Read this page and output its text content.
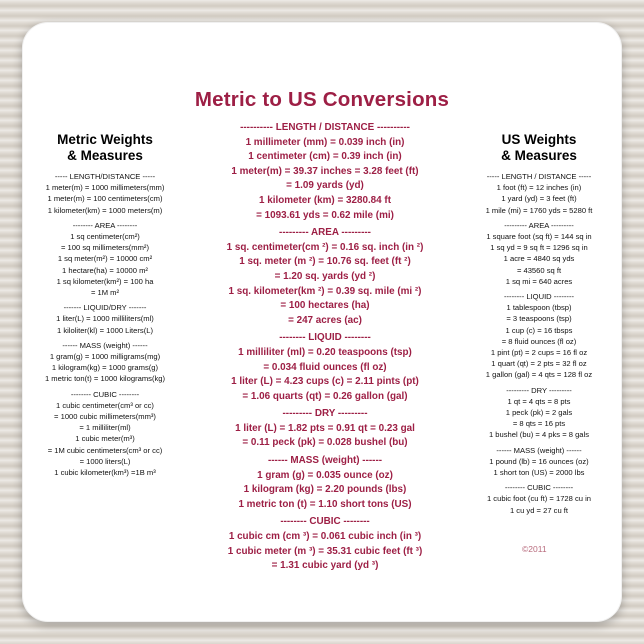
Metric to US Conversions
Metric Weights
& Measures
----- LENGTH/DISTANCE -----
1 meter(m) = 1000 millimeters(mm)
1 meter(m) = 100 centimeters(cm)
1 kilometer(km) = 1000 meters(m)
-------- AREA --------
1 sq centimeter(cm²)
= 100 sq millimeters(mm²)
1 sq meter(m²) = 10000 cm²
1 hectare(ha) = 10000 m²
1 sq kilometer(km²) = 100 ha
= 1M m²
------- LIQUID/DRY -------
1 liter(L) = 1000 milliliters(ml)
1 kiloliter(kl) = 1000 Liters(L)
------ MASS (weight) ------
1 gram(g) = 1000 milligrams(mg)
1 kilogram(kg) = 1000 grams(g)
1 metric ton(t) = 1000 kilograms(kg)
-------- CUBIC --------
1 cubic centimeter(cm³ or cc)
= 1000 cubic millimeters(mm³)
= 1 milliliter(ml)
1 cubic meter(m³)
= 1M cubic centimeters(cm³ or cc)
= 1000 liters(L)
1 cubic kilometer(km³) =1B m³
US Weights
& Measures
----- LENGTH / DISTANCE -----
1 foot (ft) = 12 inches (in)
1 yard (yd) = 3 feet (ft)
1 mile (mi) = 1760 yds = 5280 ft
--------- AREA ---------
1 square foot (sq ft) = 144 sq in
1 sq yd = 9 sq ft = 1296 sq in
1 acre = 4840 sq yds
= 43560 sq ft
1 sq mi = 640 acres
-------- LIQUID --------
1 tablespoon (tbsp)
= 3 teaspoons (tsp)
1 cup (c) = 16 tbsps
= 8 fluid ounces (fl oz)
1 pint (pt) = 2 cups = 16 fl oz
1 quart (qt) = 2 pts = 32 fl oz
1 gallon (gal) = 4 qts = 128 fl oz
--------- DRY ---------
1 qt = 4 qts = 8 pts
1 peck (pk) = 2 gals
= 8 qts = 16 pts
1 bushel (bu) = 4 pks = 8 gals
------ MASS (weight) ------
1 pound (lb) = 16 ounces (oz)
1 short ton (US) = 2000 lbs
-------- CUBIC --------
1 cubic foot (cu ft) = 1728 cu in
1 cu yd = 27 cu ft
---------- LENGTH / DISTANCE ----------
1 millimeter (mm) = 0.039 inch (in)
1 centimeter (cm) = 0.39 inch (in)
1 meter(m) = 39.37 inches = 3.28 feet (ft)
= 1.09 yards (yd)
1 kilometer (km) = 3280.84 ft
= 1093.61 yds = 0.62 mile (mi)
--------- AREA ---------
1 sq. centimeter(cm ²) = 0.16 sq. inch (in ²)
1 sq. meter (m ²) = 10.76 sq. feet (ft ²)
= 1.20 sq. yards (yd ²)
1 sq. kilometer(km ²) = 0.39 sq. mile (mi ²)
= 100 hectares (ha)
= 247 acres (ac)
-------- LIQUID --------
1 milliliter (ml) = 0.20 teaspoons (tsp)
= 0.034 fluid ounces (fl oz)
1 liter (L) = 4.23 cups (c) = 2.11 pints (pt)
= 1.06 quarts (qt) = 0.26 gallon (gal)
--------- DRY ---------
1 liter (L) = 1.82 pts = 0.91 qt = 0.23 gal
= 0.11 peck (pk) = 0.028 bushel (bu)
------ MASS (weight) ------
1 gram (g) = 0.035 ounce (oz)
1 kilogram (kg) = 2.20 pounds (lbs)
1 metric ton (t) = 1.10 short tons (US)
-------- CUBIC --------
1 cubic cm (cm ³) = 0.061 cubic inch (in ³)
1 cubic meter (m ³) = 35.31 cubic feet (ft ³)
= 1.31 cubic yard (yd ³)
©2011
